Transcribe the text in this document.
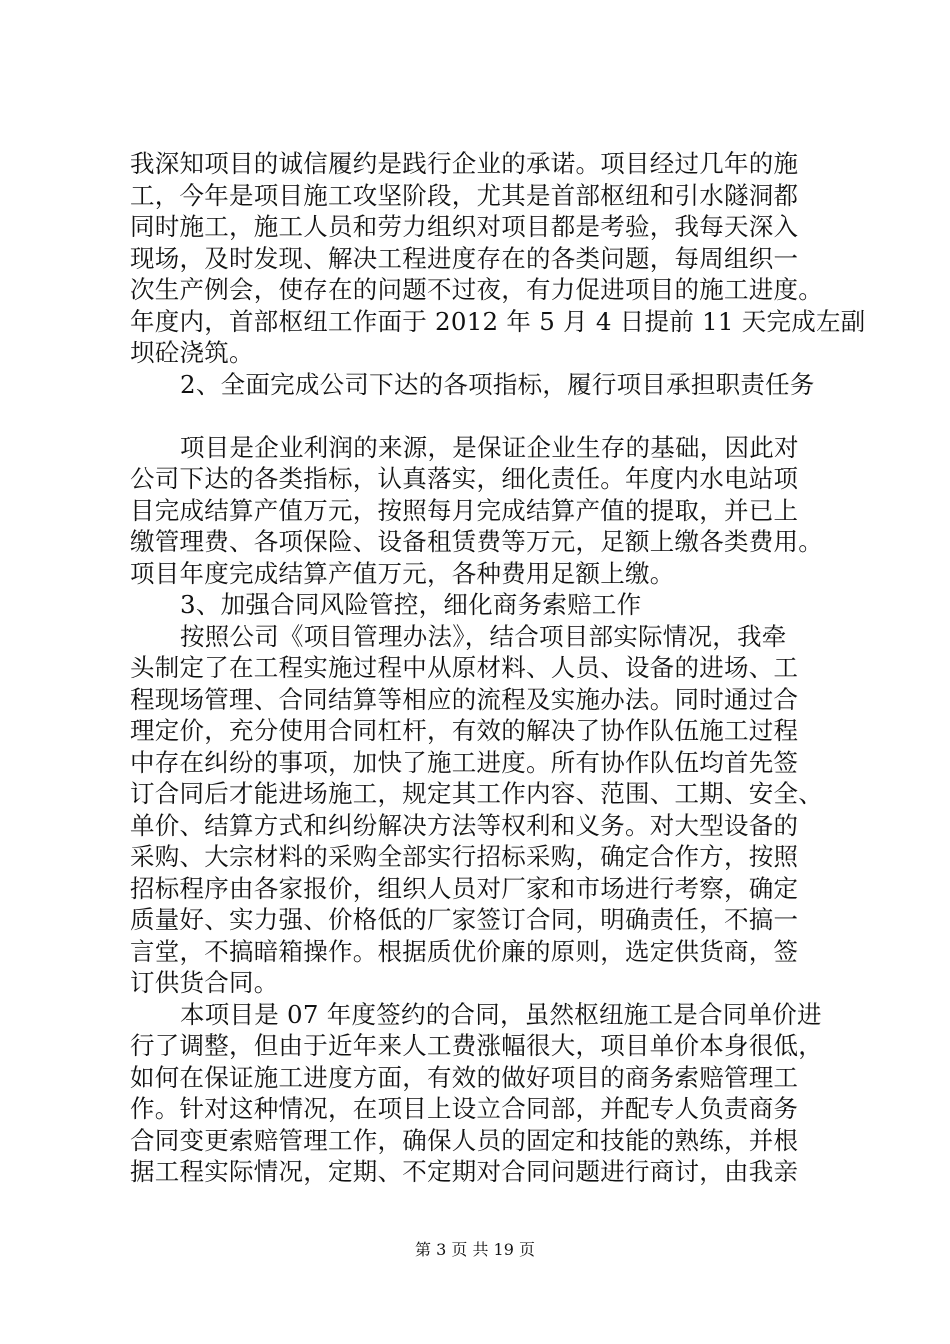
我深知项目的诚信履约是践行企业的承诺。项目经过几年的施
工，今年是项目施工攻坚阶段，尤其是首部枢纽和引水隧洞都
同时施工，施工人员和劳力组织对项目都是考验，我每天深入
现场，及时发现、解决工程进度存在的各类问题，每周组织一
次生产例会，使存在的问题不过夜，有力促进项目的施工进度。
年度内，首部枢纽工作面于 2012 年 5 月 4 日提前 11 天完成左副
坝砼浇筑。
2、全面完成公司下达的各项指标，履行项目承担职责任务
项目是企业利润的来源，是保证企业生存的基础，因此对
公司下达的各类指标，认真落实，细化责任。年度内水电站项
目完成结算产值万元，按照每月完成结算产值的提取，并已上
缴管理费、各项保险、设备租赁费等万元，足额上缴各类费用。
项目年度完成结算产值万元，各种费用足额上缴。
3、加强合同风险管控，细化商务索赔工作
按照公司《项目管理办法》，结合项目部实际情况，我牵
头制定了在工程实施过程中从原材料、人员、设备的进场、工
程现场管理、合同结算等相应的流程及实施办法。同时通过合
理定价，充分使用合同杠杆，有效的解决了协作队伍施工过程
中存在纠纷的事项，加快了施工进度。所有协作队伍均首先签
订合同后才能进场施工，规定其工作内容、范围、工期、安全、
单价、结算方式和纠纷解决方法等权利和义务。对大型设备的
采购、大宗材料的采购全部实行招标采购，确定合作方，按照
招标程序由各家报价，组织人员对厂家和市场进行考察，确定
质量好、实力强、价格低的厂家签订合同，明确责任，不搞一
言堂，不搞暗箱操作。根据质优价廉的原则，选定供货商，签
订供货合同。
本项目是 07 年度签约的合同，虽然枢纽施工是合同单价进
行了调整，但由于近年来人工费涨幅很大，项目单价本身很低，
如何在保证施工进度方面，有效的做好项目的商务索赔管理工
作。针对这种情况，在项目上设立合同部，并配专人负责商务
合同变更索赔管理工作，确保人员的固定和技能的熟练，并根
据工程实际情况，定期、不定期对合同问题进行商讨，由我亲
第 3 页 共 19 页
